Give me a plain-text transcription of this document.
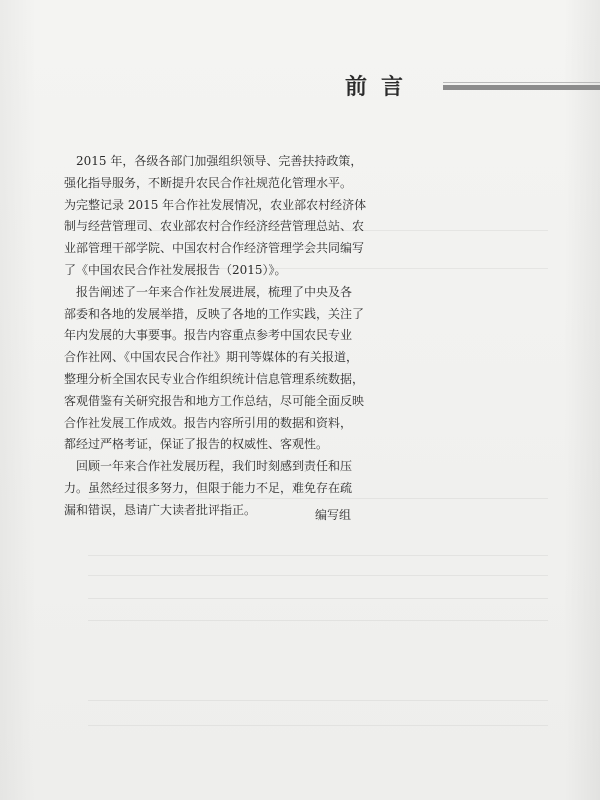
前言
2015 年，各级各部门加强组织领导、完善扶持政策，
强化指导服务，不断提升农民合作社规范化管理水平。
为完整记录 2015 年合作社发展情况，农业部农村经济体
制与经营管理司、农业部农村合作经济经营管理总站、农
业部管理干部学院、中国农村合作经济管理学会共同编写
了《中国农民合作社发展报告（2015）》。
报告阐述了一年来合作社发展进展，梳理了中央及各
部委和各地的发展举措，反映了各地的工作实践，关注了
年内发展的大事要事。报告内容重点参考中国农民专业
合作社网、《中国农民合作社》期刊等媒体的有关报道，
整理分析全国农民专业合作组织统计信息管理系统数据，
客观借鉴有关研究报告和地方工作总结，尽可能全面反映
合作社发展工作成效。报告内容所引用的数据和资料，
都经过严格考证，保证了报告的权威性、客观性。
回顾一年来合作社发展历程，我们时刻感到责任和压
力。虽然经过很多努力，但限于能力不足，难免存在疏
漏和错误，恳请广大读者批评指正。	编写组
